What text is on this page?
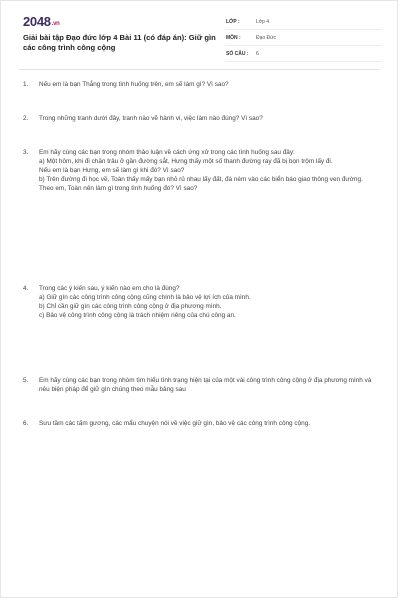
2048.vn
Giải bài tập Đạo đức lớp 4 Bài 11 (có đáp án): Giữ gìn các công trình công cộng
LỚP :	Lớp 4
MÔN :	Đạo Đức
SỐ CÂU :	6
1.	Nếu em là bạn Thắng trong tình huống trên, em sẽ làm gì? Vì sao?

2.	Trong những tranh dưới đây, tranh nào vẽ hành vi, việc làm nào đúng? Vì sao?

3.	Em hãy cùng các bạn trong nhóm thảo luận về cách ứng xử trong các tình huống sau đây:

a) Một hôm, khi đi chăn trâu ở gần đường sắt, Hưng thấy một số thanh đường ray đã bị bọn trộm lấy đi.

Nếu em là bạn Hưng, em sẽ làm gì khi đó? Vì sao?

b) Trên đường đi học về, Toàn thấy mấy bạn nhỏ rủ nhau lấy đất, đá ném vào các biển báo giao thông ven đường.

Theo em, Toàn nên làm gì trong tình huống đó? Vì sao?

4.	Trong các ý kiến sau, ý kiến nào em cho là đúng?

a) Giữ gìn các công trình công cộng cũng chính là bảo vệ lợi ích của mình.

b) Chỉ cần giữ gìn các công trình công cộng ở địa phương mình.

c) Bảo vệ công trình công cộng là trách nhiệm riêng của chú công an.

5.	Em hãy cùng các bạn trong nhóm tìm hiểu tình trạng hiện tại của một vài công trình công cộng ở địa phương mình và nêu biện pháp để giữ gìn chúng theo mẫu bảng sau

6.	Sưu tầm các tấm gương, các mẩu chuyện nói về việc giữ gìn, bảo vệ các công trình công cộng.
